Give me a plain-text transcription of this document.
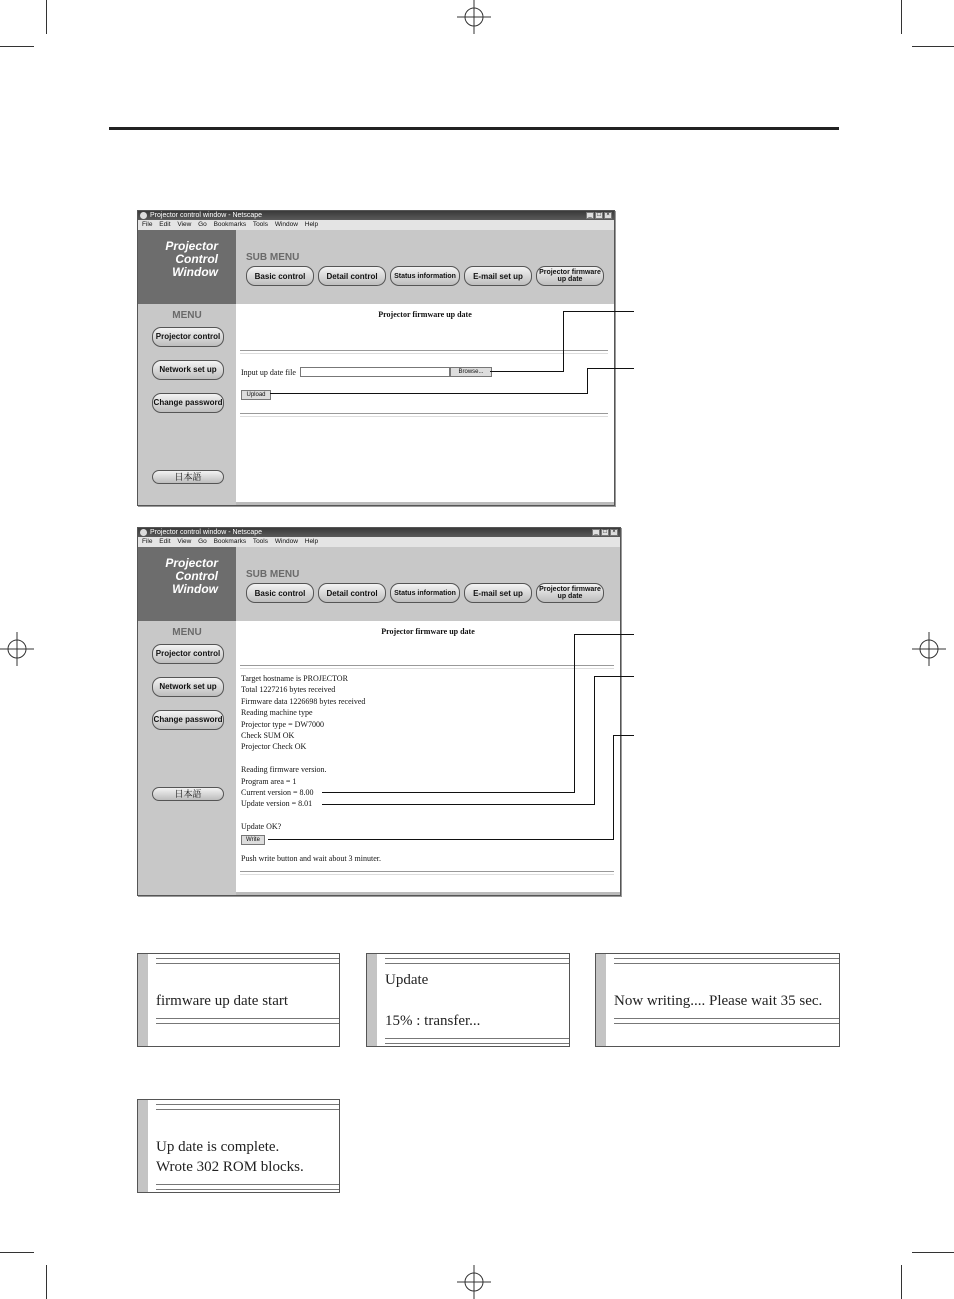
Projector control window - Netscape	_ □ ×
File Edit View Go Bookmarks Tools Window Help
Projector
Control
Window
SUB MENU
Basic control	Detail control	Status information	E-mail set up	Projector firmware up date
MENU
Projector control
Network set up
Change password
日本語
Projector firmware up date
Input up date file	Browse...
Upload
Projector control window - Netscape	_ □ ×
File Edit View Go Bookmarks Tools Window Help
Projector
Control
Window
SUB MENU
Basic control	Detail control	Status information	E-mail set up	Projector firmware up date
MENU
Projector control
Network set up
Change password
日本語
Projector firmware up date
Target hostname is PROJECTOR
Total 1227216 bytes received
Firmware data 1226698 bytes received
Reading machine type
Projector type = DW7000
Check SUM OK
Projector Check OK
Reading firmware version.
Program area = 1
Current version = 8.00
Update version = 8.01
Update OK?
Write
Push write button and wait about 3 minuter.
firmware up date start
Update
15% : transfer...
Now writing.... Please wait 35 sec.
Up date is complete.
Wrote 302 ROM blocks.
